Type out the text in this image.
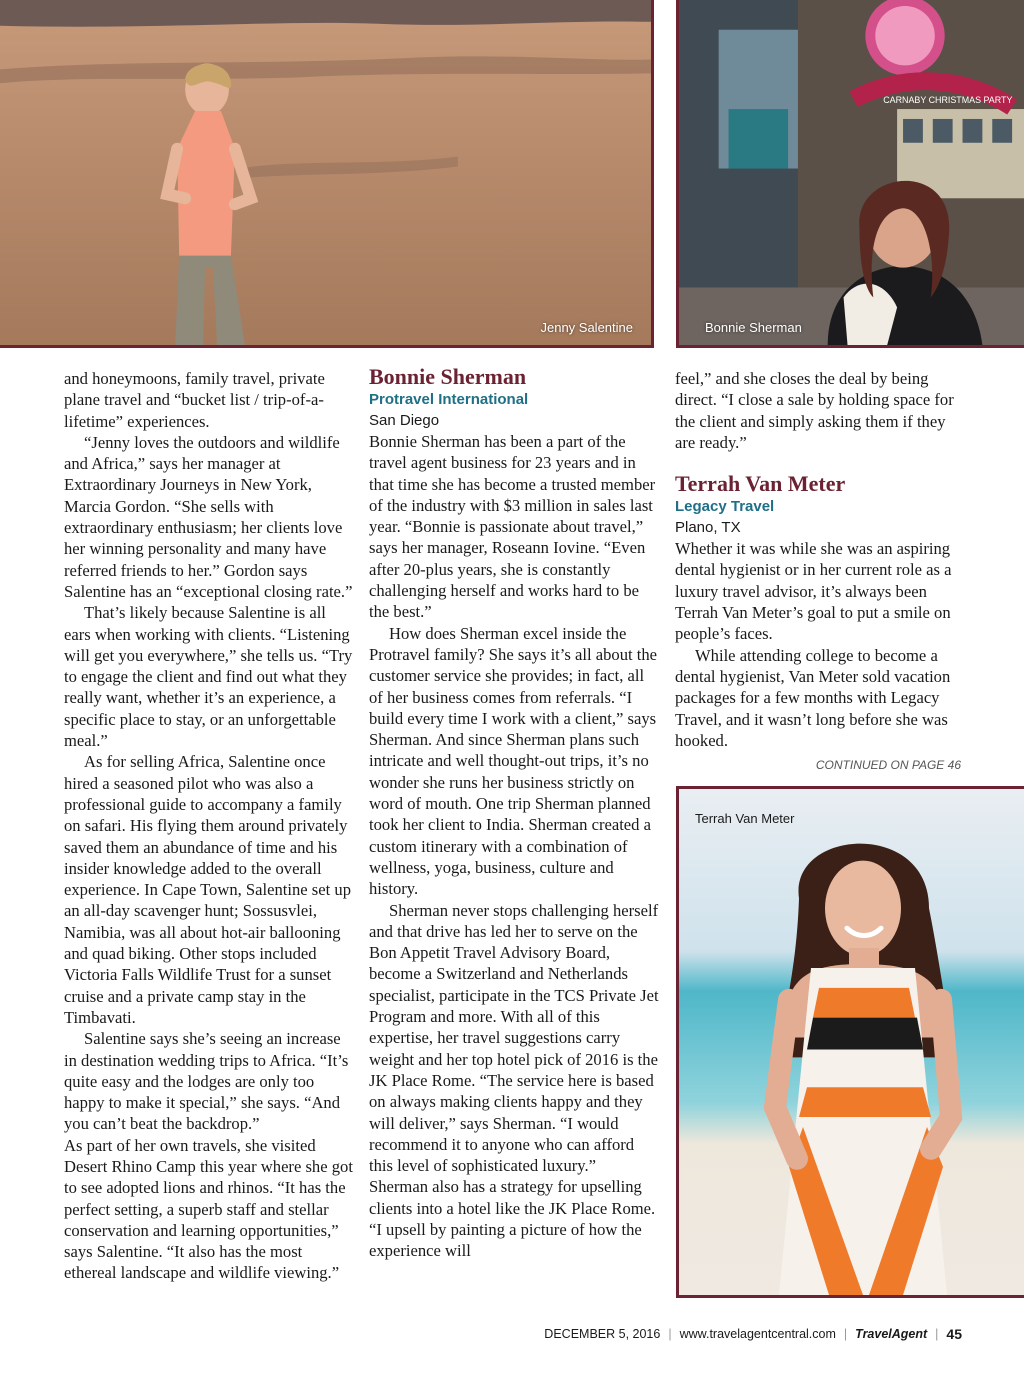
Jenny Salentine
CARNABY CHRISTMAS PARTY
Bonnie Sherman

and honeymoons, family travel, private plane travel and “bucket list / trip-of-a-lifetime” experiences.

“Jenny loves the outdoors and wildlife and Africa,” says her manager at Extraordinary Journeys in New York, Marcia Gordon. “She sells with extraordinary enthusiasm; her clients love her winning personality and many have referred friends to her.” Gordon says Salentine has an “exceptional closing rate.”

That’s likely because Salentine is all ears when working with clients. “Listening will get you everywhere,” she tells us. “Try to engage the client and find out what they really want, whether it’s an experience, a specific place to stay, or an unforgettable meal.”

As for selling Africa, Salentine once hired a seasoned pilot who was also a professional guide to accompany a family on safari. His flying them around privately saved them an abundance of time and his insider knowledge added to the overall experience. In Cape Town, Salentine set up an all-day scavenger hunt; Sossusvlei, Namibia, was all about hot-air ballooning and quad biking. Other stops included Victoria Falls Wildlife Trust for a sunset cruise and a private camp stay in the Timbavati.

Salentine says she’s seeing an increase in destination wedding trips to Africa. “It’s quite easy and the lodges are only too happy to make it special,” she says. “And you can’t beat the backdrop.”

As part of her own travels, she visited Desert Rhino Camp this year where she got to see adopted lions and rhinos. “It has the perfect setting, a superb staff and stellar conservation and learning opportunities,” says Salentine. “It also has the most ethereal landscape and wildlife viewing.”

Bonnie Sherman
Protravel International
San Diego

Bonnie Sherman has been a part of the travel agent business for 23 years and in that time she has become a trusted member of the industry with $3 million in sales last year. “Bonnie is passionate about travel,” says her manager, Roseann Iovine. “Even after 20-plus years, she is constantly challenging herself and works hard to be the best.”

How does Sherman excel inside the Protravel family? She says it’s all about the customer service she provides; in fact, all of her business comes from referrals. “I build every time I work with a client,” says Sherman. And since Sherman plans such intricate and well thought-out trips, it’s no wonder she runs her business strictly on word of mouth. One trip Sherman planned took her client to India. Sherman created a custom itinerary with a combination of wellness, yoga, business, culture and history.

Sherman never stops challenging herself and that drive has led her to serve on the Bon Appetit Travel Advisory Board, become a Switzerland and Netherlands specialist, participate in the TCS Private Jet Program and more. With all of this expertise, her travel suggestions carry weight and her top hotel pick of 2016 is the JK Place Rome. “The service here is based on always making clients happy and they will deliver,” says Sherman. “I would recommend it to anyone who can afford this level of sophisticated luxury.” Sherman also has a strategy for upselling clients into a hotel like the JK Place Rome. “I upsell by painting a picture of how the experience will

feel,” and she closes the deal by being direct. “I close a sale by holding space for the client and simply asking them if they are ready.”

Terrah Van Meter
Legacy Travel
Plano, TX

Whether it was while she was an aspiring dental hygienist or in her current role as a luxury travel advisor, it’s always been Terrah Van Meter’s goal to put a smile on people’s faces.

While attending college to become a dental hygienist, Van Meter sold vacation packages for a few months with Legacy Travel, and it wasn’t long before she was hooked.

CONTINUED ON PAGE 46
Terrah Van Meter
DECEMBER 5, 2016 | www.travelagentcentral.com | TravelAgent | 45
